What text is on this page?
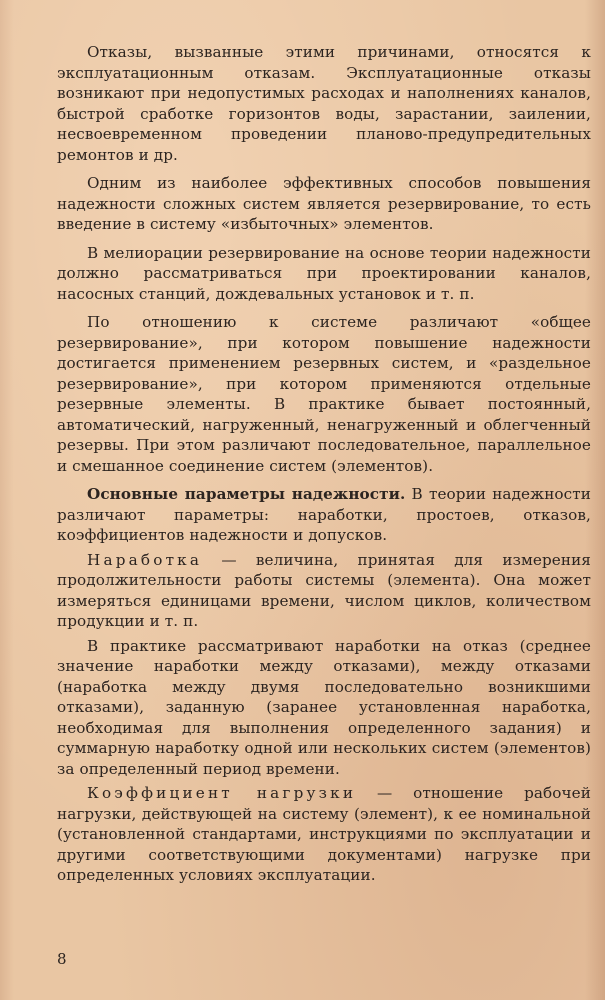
Отказы, вызванные этими причинами, относятся к эксплуатационным отказам. Эксплуатационные отказы возникают при недопустимых расходах и наполнениях каналов, быстрой сработке горизонтов воды, зарастании, заилении, несвоевременном проведении планово-предупредительных ремонтов и др.

Одним из наиболее эффективных способов повышения надежности сложных систем является резервирование, то есть введение в систему «избыточных» элементов.

В мелиорации резервирование на основе теории надежности должно рассматриваться при проектировании каналов, насосных станций, дождевальных установок и т. п.

По отношению к системе различают «общее резервирование», при котором повышение надежности достигается применением резервных систем, и «раздельное резервирование», при котором применяются отдельные резервные элементы. В практике бывает постоянный, автоматический, нагруженный, ненагруженный и облегченный резервы. При этом различают последовательное, параллельное и смешанное соединение систем (элементов).

Основные параметры надежности. В теории надежности различают параметры: наработки, простоев, отказов, коэффициентов надежности и допусков.

Наработка — величина, принятая для измерения продолжительности работы системы (элемента). Она может измеряться единицами времени, числом циклов, количеством продукции и т. п.

В практике рассматривают наработки на отказ (среднее значение наработки между отказами), между отказами (наработка между двумя последовательно возникшими отказами), заданную (заранее установленная наработка, необходимая для выполнения определенного задания) и суммарную наработку одной или нескольких систем (элементов) за определенный период времени.

Коэффициент нагрузки — отношение рабочей нагрузки, действующей на систему (элемент), к ее номинальной (установленной стандартами, инструкциями по эксплуатации и другими соответствующими документами) нагрузке при определенных условиях эксплуатации.

8
